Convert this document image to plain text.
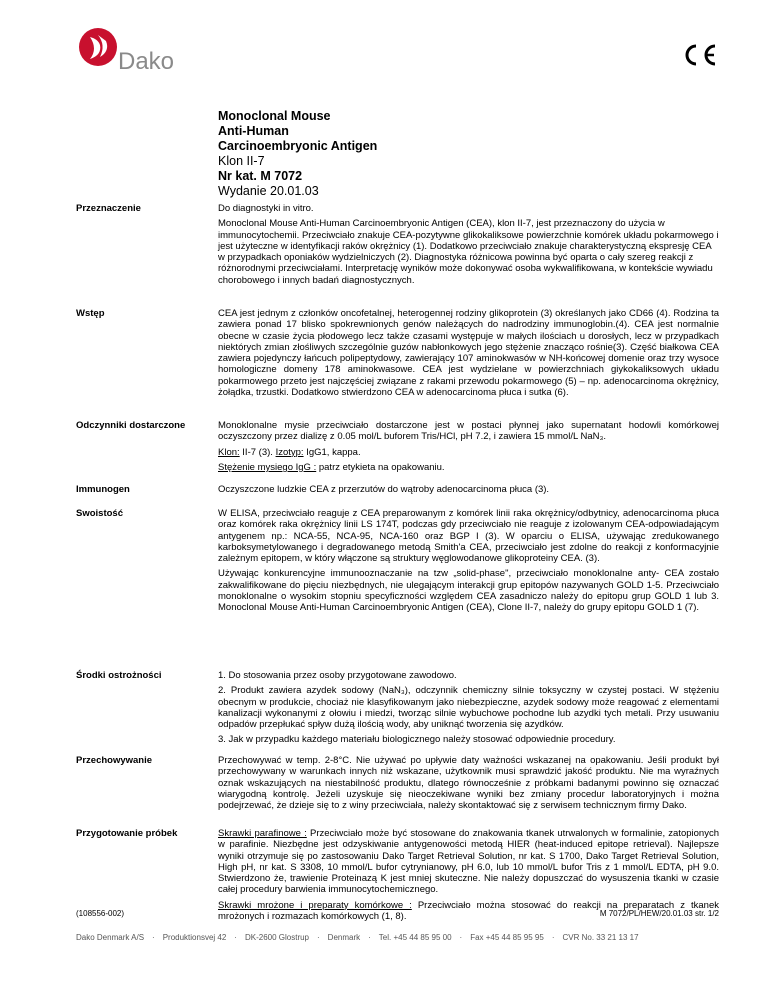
Dako
Monoclonal Mouse
Anti-Human
Carcinoembryonic Antigen
Klon II-7
Nr kat. M 7072
Wydanie 20.01.03
Przeznaczenie	Do diagnostyki in vitro.

Monoclonal Mouse Anti-Human Carcinoembryonic Antigen (CEA), klon II-7, jest przeznaczony do użycia w immunocytochemii. Przeciwciało znakuje CEA-pozytywne glikokaliksowe powierzchnie komórek układu pokarmowego i jest użyteczne w identyfikacji raków okrężnicy (1). Dodatkowo przeciwciało znakuje charakterystyczną ekspresję CEA w przypadkach oponiaków wydzielniczych (2). Diagnostyka różnicowa powinna być oparta o cały szereg reakcji z różnorodnymi przeciwciałami. Interpretację wyników może dokonywać osoba wykwalifikowana, w kontekście wywiadu chorobowego i innych badań diagnostycznych.

Wstęp	CEA jest jednym z członków oncofetalnej, heterogennej rodziny glikoprotein (3) określanych jako CD66 (4). Rodzina ta zawiera ponad 17 blisko spokrewnionych genów należących do nadrodziny immunoglobin.(4). CEA jest normalnie obecne w czasie życia płodowego lecz także czasami występuje w małych ilościach u dorosłych, lecz w przypadkach niektórych zmian złośliwych szczególnie guzów nabłonkowych jego stężenie znacząco rośnie(3). Część białkowa CEA zawiera pojedynczy łańcuch polipeptydowy, zawierający 107 aminokwasów w NH-końcowej domenie oraz trzy wysoce homologiczne domeny 178 aminokwasowe. CEA jest wydzielane w powierzchniach giykokaliksowych układu pokarmowego przeto jest najczęściej związane z rakami przewodu pokarmowego (5) – np. adenocarcinoma okrężnicy, żołądka, trzustki. Dodatkowo stwierdzono CEA w adenocarcinoma płuca i sutka (6).

Odczynniki dostarczone	Monoklonalne mysie przeciwciało dostarczone jest w postaci płynnej jako supernatant hodowli komórkowej oczyszczony przez dializę z 0.05 mol/L buforem Tris/HCl, pH 7.2, i zawiera 15 mmol/L NaN₃.

Klon: II-7 (3). Izotyp: IgG1, kappa.

Stężenie mysiego IgG : patrz etykieta na opakowaniu.

Immunogen	Oczyszczone ludzkie CEA z przerzutów do wątroby adenocarcinoma płuca (3).

Swoistość	W ELISA, przeciwciało reaguje z CEA preparowanym z komórek linii raka okrężnicy/odbytnicy, adenocarcinoma płuca oraz komórek raka okrężnicy linii LS 174T, podczas gdy przeciwciało nie reaguje z izolowanym CEA-odpowiadającym antygenem np.: NCA-55, NCA-95, NCA-160 oraz BGP I (3). W oparciu o ELISA, używając zredukowanego karboksymetylowanego i degradowanego metodą Smith'a CEA, przeciwciało jest zdolne do reakcji z konformacyjnie zależnym epitopem, w który włączone są struktury węglowodanowe glikoproteiny CEA. (3).

Używając konkurencyjne immunooznaczanie na tzw „solid-phase", przeciwciało monoklonalne anty- CEA zostało zakwalifikowane do pięciu niezbędnych, nie ulegającym interakcji grup epitopów nazywanych GOLD 1-5. Przeciwciało monoklonalne o wysokim stopniu specyficzności względem CEA zasadniczo należy do epitopu grup GOLD 1 lub 3. Monoclonal Mouse Anti-Human Carcinoembryonic Antigen (CEA), Clone II-7, należy do grupy epitopu GOLD 1 (7).

Środki ostrożności	1. Do stosowania przez osoby przygotowane zawodowo.

2. Produkt zawiera azydek sodowy (NaN₃), odczynnik chemiczny silnie toksyczny w czystej postaci. W stężeniu obecnym w produkcie, chociaż nie klasyfikowanym jako niebezpieczne, azydek sodowy może reagować z elementami kanalizacji wykonanymi z ołowiu i miedzi, tworząc silnie wybuchowe pochodne lub azydki tych metali. Przy usuwaniu odpadów przepłukać spływ dużą ilością wody, aby uniknąć tworzenia się azydków.

3. Jak w przypadku każdego materiału biologicznego należy stosować odpowiednie procedury.

Przechowywanie	Przechowywać w temp. 2-8°C. Nie używać po upływie daty ważności wskazanej na opakowaniu. Jeśli produkt był przechowywany w warunkach innych niż wskazane, użytkownik musi sprawdzić jakość produktu. Nie ma wyraźnych oznak wskazujących na niestabilność produktu, dlatego równocześnie z próbkami badanymi powinno się oznaczać wiarygodną kontrolę. Jeżeli uzyskuje się nieoczekiwane wyniki bez zmiany procedur laboratoryjnych i można podejrzewać, że dzieje się to z winy przeciwciała, należy skontaktować się z serwisem technicznym firmy Dako.

Przygotowanie próbek	Skrawki parafinowe : Przeciwciało może być stosowane do znakowania tkanek utrwalonych w formalinie, zatopionych w parafinie. Niezbędne jest odzyskiwanie antygenowości metodą HIER (heat-induced epitope retrieval). Najlepsze wyniki otrzymuje się po zastosowaniu Dako Target Retrieval Solution, nr kat. S 1700, Dako Target Retrieval Solution, High pH, nr kat. S 3308, 10 mmol/L bufor cytrynianowy, pH 6.0, lub 10 mmol/L bufor Tris z 1 mmol/L EDTA, pH 9.0. Stwierdzono że, trawienie Proteinazą K jest mniej skuteczne. Nie należy dopuszczać do wysuszenia tkanki w czasie całej procedury barwienia immunocytochemicznego.

Skrawki mrożone i preparaty komórkowe : Przeciwciało można stosować do reakcji na preparatach z tkanek mrożonych i rozmazach komórkowych (1, 8).

(108556-002)	M 7072/PL/HEW/20.01.03 str. 1/2
Dako Denmark A/S · Produktionsvej 42 · DK-2600 Glostrup · Denmark · Tel. +45 44 85 95 00 · Fax +45 44 85 95 95 · CVR No. 33 21 13 17
